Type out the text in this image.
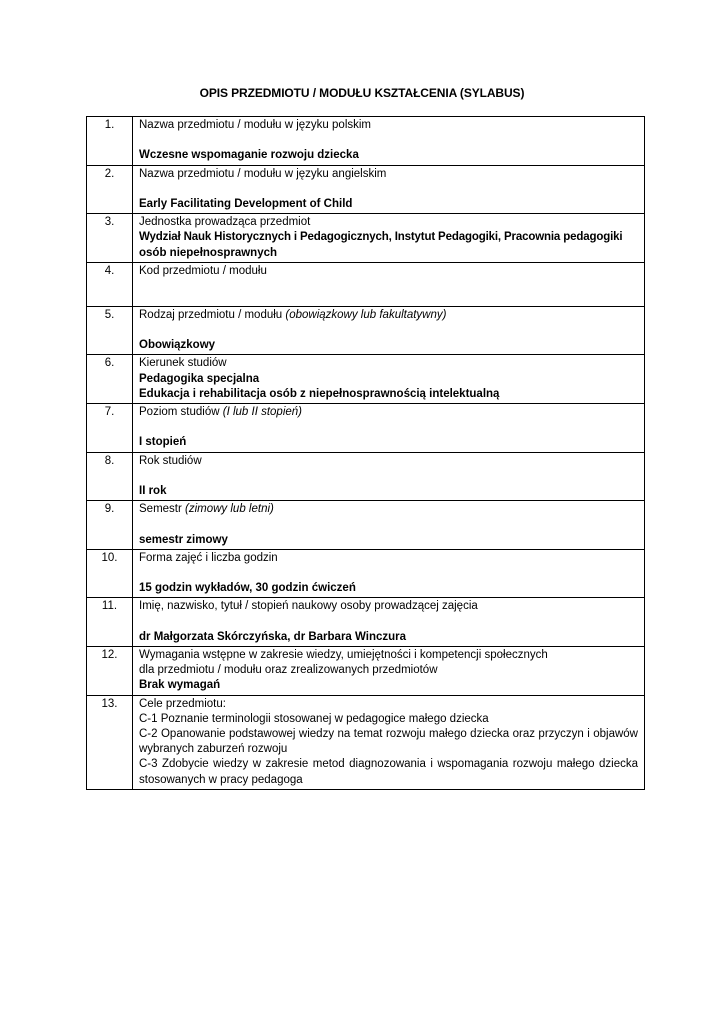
OPIS PRZEDMIOTU / MODUŁU KSZTAŁCENIA (SYLABUS)
1.	Nazwa przedmiotu / modułu w języku polskim
Wczesne wspomaganie rozwoju dziecka

2.	Nazwa przedmiotu / modułu w języku angielskim
Early Facilitating Development of Child

3.	Jednostka prowadząca przedmiot
Wydział Nauk Historycznych i Pedagogicznych, Instytut Pedagogiki, Pracownia pedagogiki
osób niepełnosprawnych

4.	Kod przedmiotu / modułu

5.	Rodzaj przedmiotu / modułu (obowiązkowy lub fakultatywny)
Obowiązkowy

6.	Kierunek studiów
Pedagogika specjalna
Edukacja i rehabilitacja osób z niepełnosprawnością intelektualną

7.	Poziom studiów (I lub II stopień)
I stopień

8.	Rok studiów
II rok

9.	Semestr (zimowy lub letni)
semestr zimowy

10.	Forma zajęć i liczba godzin
15 godzin wykładów, 30 godzin ćwiczeń

11.	Imię, nazwisko, tytuł / stopień naukowy osoby prowadzącej zajęcia
dr Małgorzata Skórczyńska, dr Barbara Winczura

12.	Wymagania wstępne w zakresie wiedzy, umiejętności i kompetencji społecznych
dla przedmiotu / modułu oraz zrealizowanych przedmiotów
Brak wymagań

13.	Cele przedmiotu:
C-1 Poznanie terminologii stosowanej w pedagogice małego dziecka
C-2 Opanowanie podstawowej wiedzy na temat rozwoju małego dziecka oraz przyczyn i objawów wybranych zaburzeń rozwoju
C-3 Zdobycie wiedzy w zakresie metod diagnozowania i wspomagania rozwoju małego dziecka stosowanych w pracy pedagoga
